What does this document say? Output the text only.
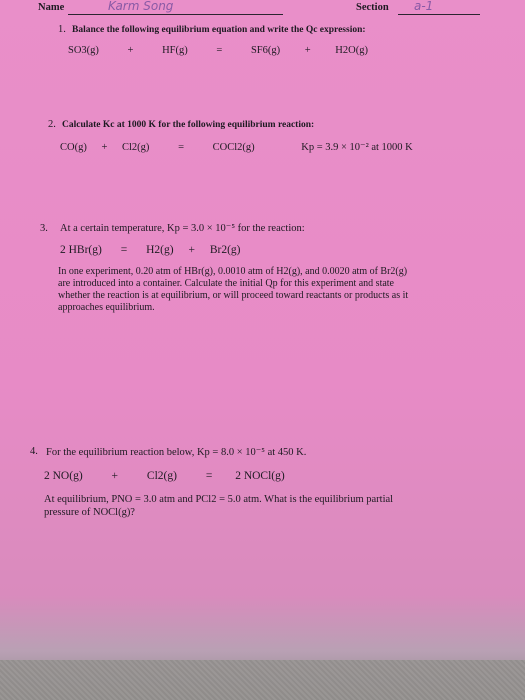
Name	Karm Song	Section a-1
1. Balance the following equilibrium equation and write the Qc expression:
SO3(g)	+	HF(g)	=	SF6(g) + H2O(g)
2. Calculate Kc at 1000 K for the following equilibrium reaction:
CO(g) + Cl2(g)	=	COCl2(g)	Kp = 3.9 × 10⁻² at 1000 K
3. At a certain temperature, Kp = 3.0 × 10⁻⁵ for the reaction:
2 HBr(g) = H2(g) + Br2(g)
In one experiment, 0.20 atm of HBr(g), 0.0010 atm of H2(g), and 0.0020 atm of Br2(g)
are introduced into a container. Calculate the initial Qp for this experiment and state
whether the reaction is at equilibrium, or will proceed toward reactants or products as it
approaches equilibrium.
4. For the equilibrium reaction below, Kp = 8.0 × 10⁻⁵ at 450 K.
2 NO(g)	+	Cl2(g)	= 2 NOCl(g)
At equilibrium, PNO = 3.0 atm and PCl2 = 5.0 atm. What is the equilibrium partial
pressure of NOCl(g)?
